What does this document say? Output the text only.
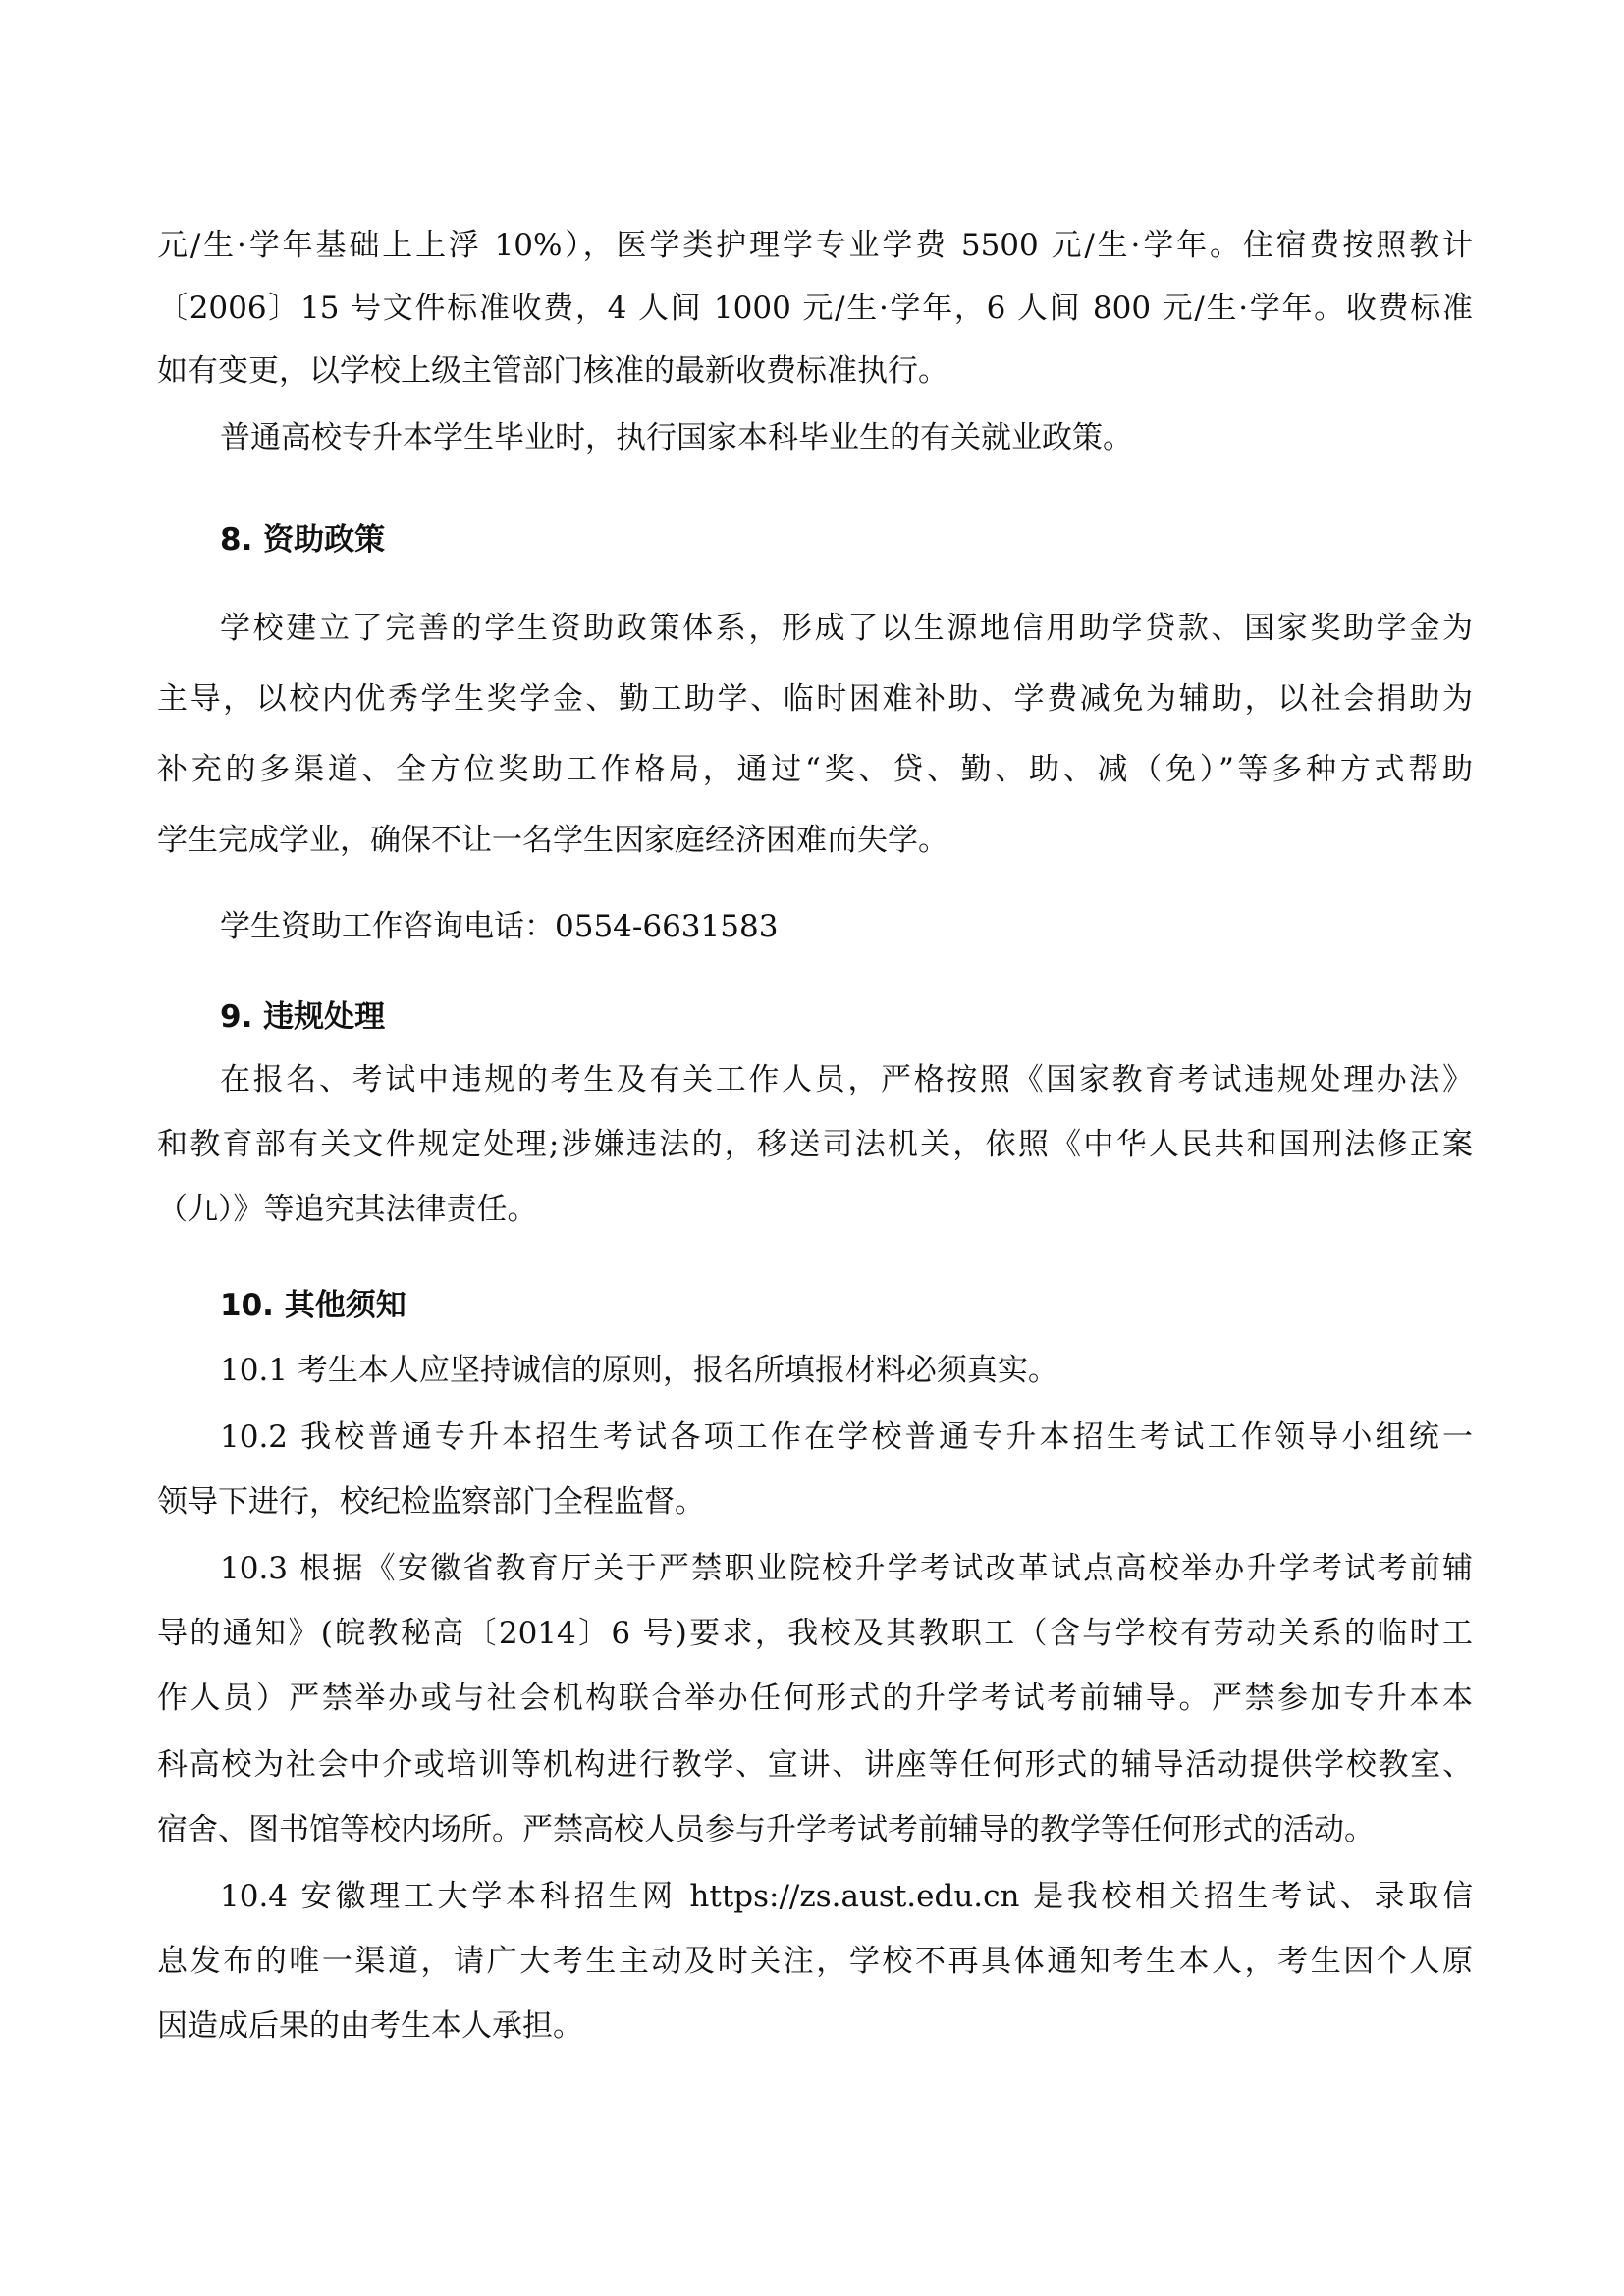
元/生·学年基础上上浮 10%），医学类护理学专业学费 5500 元/生·学年。住宿费按照教计
〔2006〕15 号文件标准收费，4 人间 1000 元/生·学年，6 人间 800 元/生·学年。收费标准
如有变更，以学校上级主管部门核准的最新收费标准执行。
普通高校专升本学生毕业时，执行国家本科毕业生的有关就业政策。
8. 资助政策
学校建立了完善的学生资助政策体系，形成了以生源地信用助学贷款、国家奖助学金为
主导，以校内优秀学生奖学金、勤工助学、临时困难补助、学费减免为辅助，以社会捐助为
补充的多渠道、全方位奖助工作格局，通过“奖、贷、勤、助、减（免）”等多种方式帮助
学生完成学业，确保不让一名学生因家庭经济困难而失学。
学生资助工作咨询电话：0554-6631583
9. 违规处理
在报名、考试中违规的考生及有关工作人员，严格按照《国家教育考试违规处理办法》
和教育部有关文件规定处理;涉嫌违法的，移送司法机关，依照《中华人民共和国刑法修正案
（九）》等追究其法律责任。
10. 其他须知
10.1 考生本人应坚持诚信的原则，报名所填报材料必须真实。
10.2 我校普通专升本招生考试各项工作在学校普通专升本招生考试工作领导小组统一
领导下进行，校纪检监察部门全程监督。
10.3 根据《安徽省教育厅关于严禁职业院校升学考试改革试点高校举办升学考试考前辅
导的通知》(皖教秘高〔2014〕6 号)要求，我校及其教职工（含与学校有劳动关系的临时工
作人员）严禁举办或与社会机构联合举办任何形式的升学考试考前辅导。严禁参加专升本本
科高校为社会中介或培训等机构进行教学、宣讲、讲座等任何形式的辅导活动提供学校教室、
宿舍、图书馆等校内场所。严禁高校人员参与升学考试考前辅导的教学等任何形式的活动。
10.4 安徽理工大学本科招生网 https://zs.aust.edu.cn 是我校相关招生考试、录取信
息发布的唯一渠道，请广大考生主动及时关注，学校不再具体通知考生本人，考生因个人原
因造成后果的由考生本人承担。
